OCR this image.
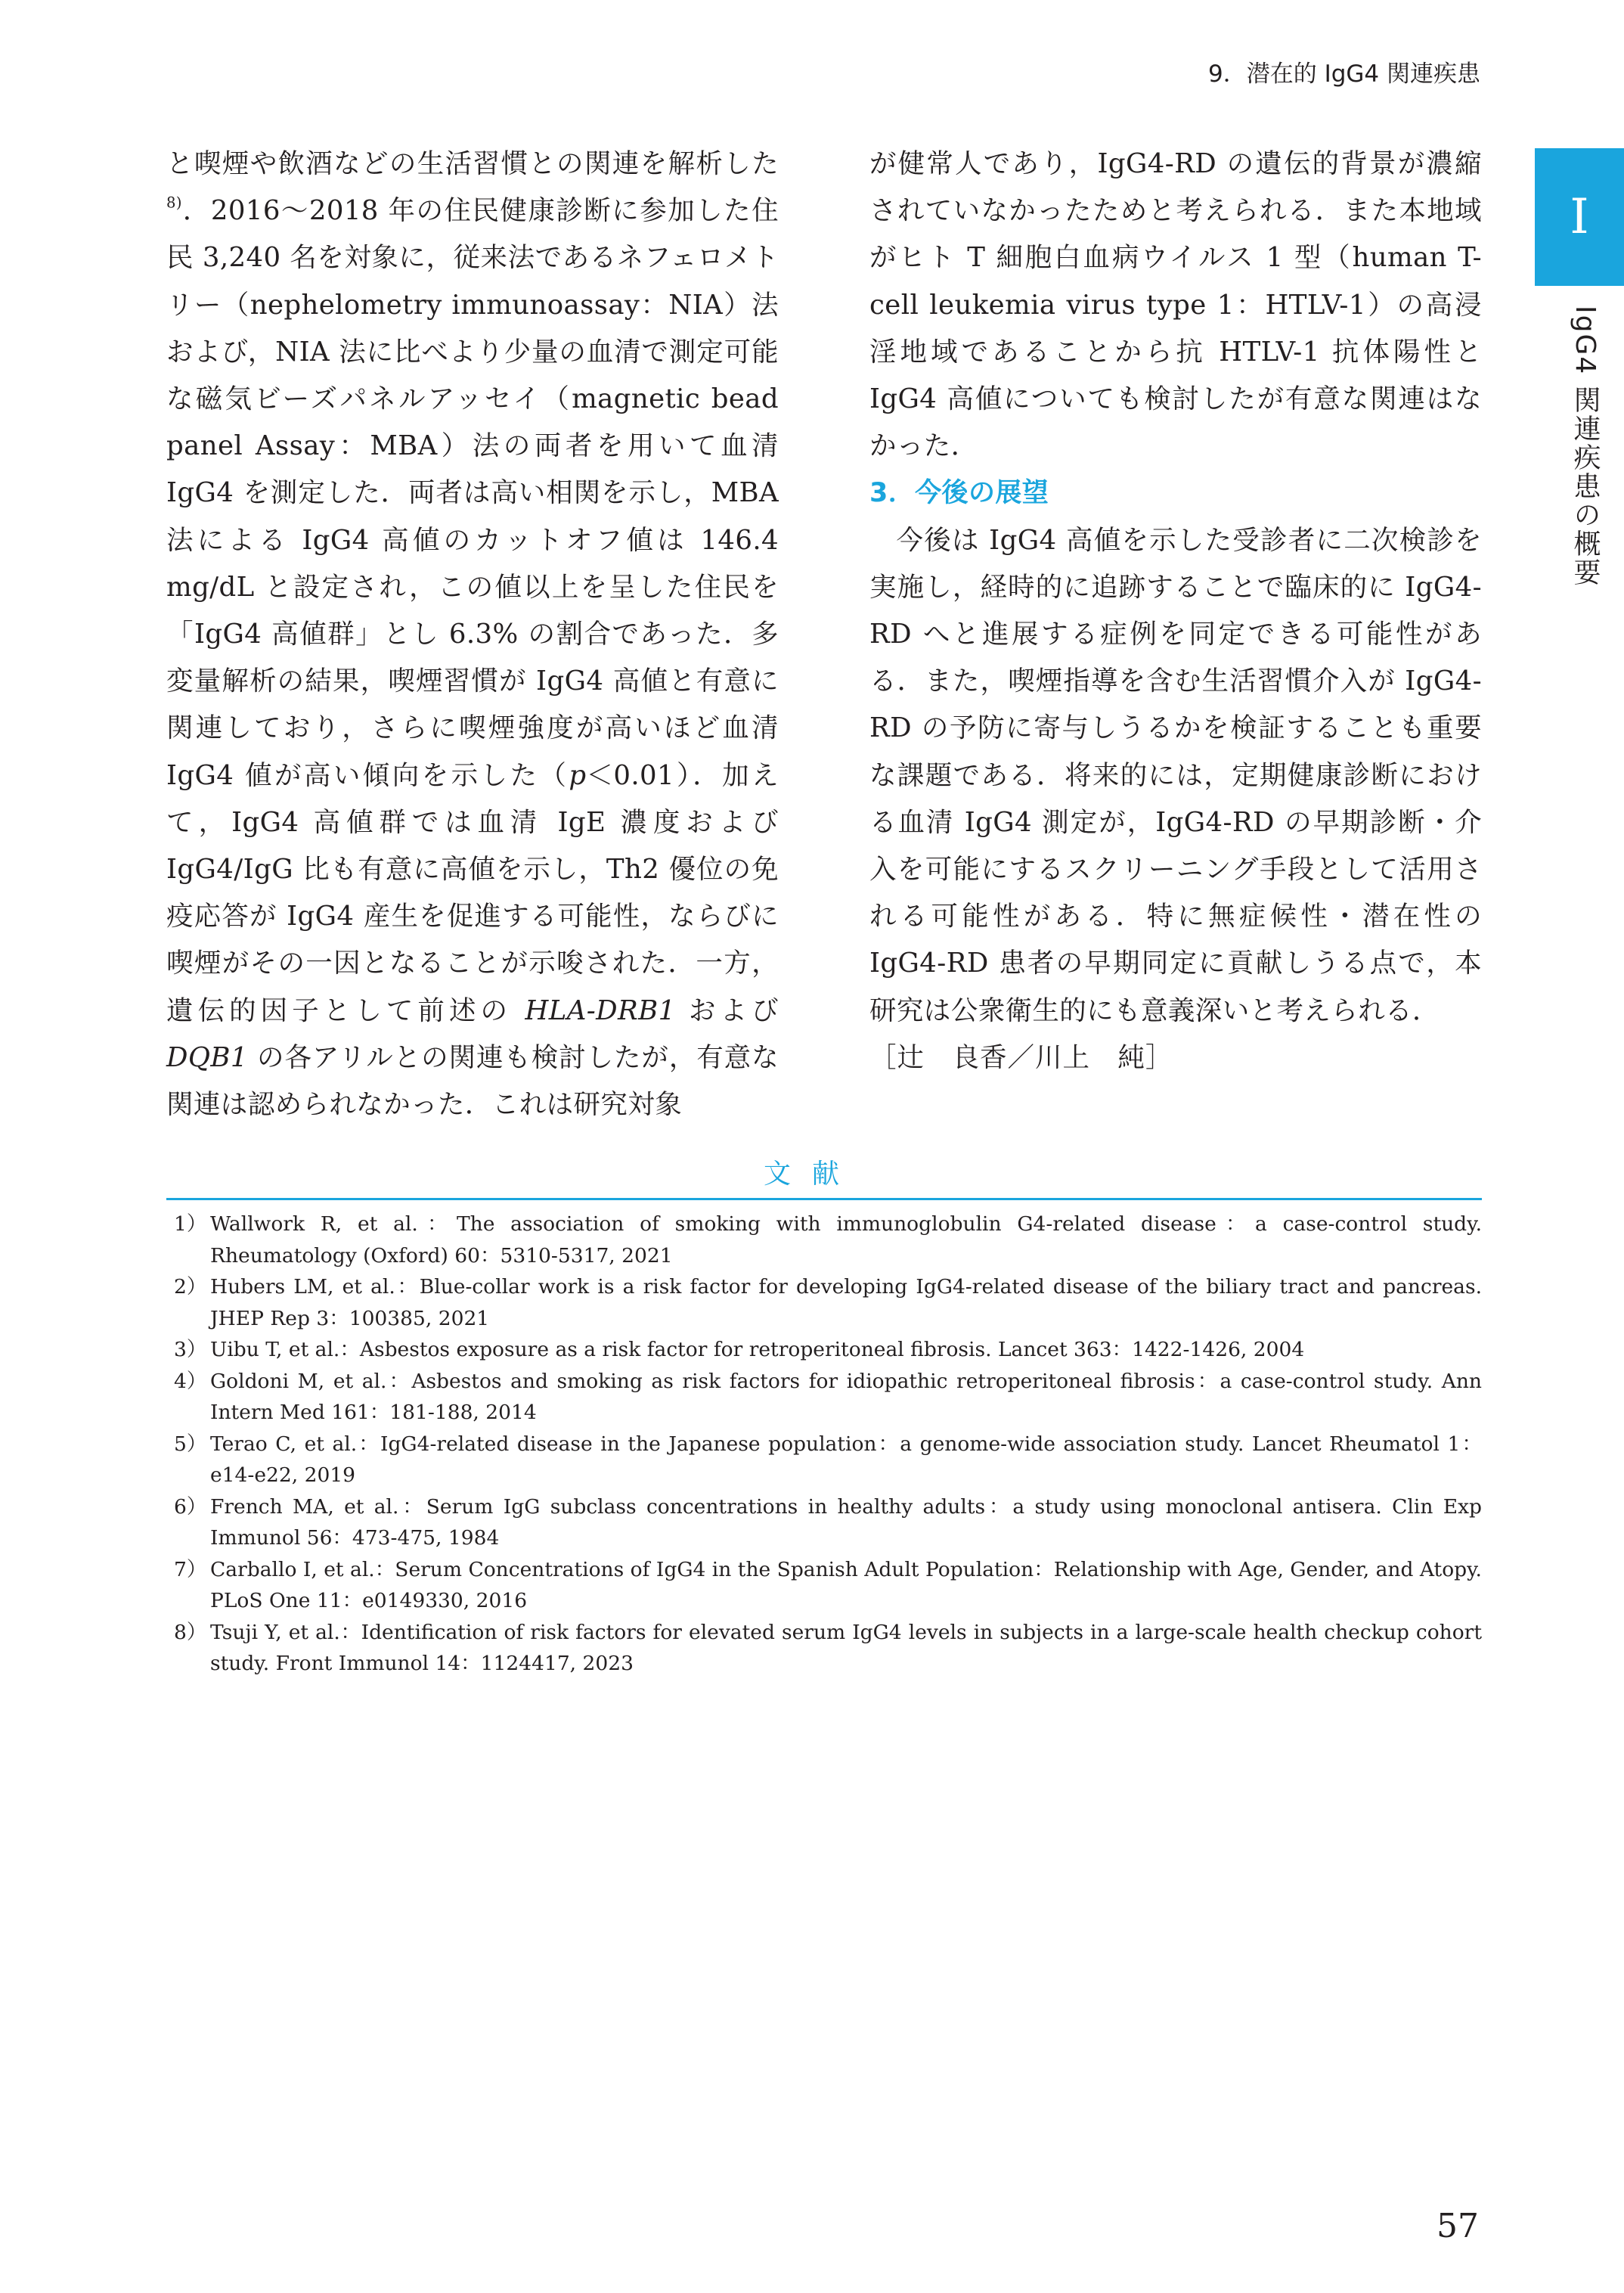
9．潜在的 IgG4 関連疾患
I
IgG4 関連疾患の概要

と喫煙や飲酒などの生活習慣との関連を解析した$^{8)}$．2016～2018 年の住民健康診断に参加した住民 3,240 名を対象に，従来法であるネフェロメトリー（nephelometry immunoassay：NIA）法および，NIA 法に比べより少量の血清で測定可能な磁気ビーズパネルアッセイ（magnetic bead panel Assay：MBA）法の両者を用いて血清 IgG4 を測定した．両者は高い相関を示し，MBA 法による IgG4 高値のカットオフ値は 146.4 mg/dL と設定され，この値以上を呈した住民を「IgG4 高値群」とし 6.3% の割合であった．多変量解析の結果，喫煙習慣が IgG4 高値と有意に関連しており，さらに喫煙強度が高いほど血清 IgG4 値が高い傾向を示した（p＜0.01）．加えて，IgG4 高値群では血清 IgE 濃度および IgG4/IgG 比も有意に高値を示し，Th2 優位の免疫応答が IgG4 産生を促進する可能性，ならびに喫煙がその一因となることが示唆された．一方，遺伝的因子として前述の HLA-DRB1 および DQB1 の各アリルとの関連も検討したが，有意な関連は認められなかった．これは研究対象

が健常人であり，IgG4-RD の遺伝的背景が濃縮されていなかったためと考えられる．また本地域がヒト T 細胞白血病ウイルス 1 型（human T-cell leukemia virus type 1：HTLV-1）の高浸淫地域であることから抗 HTLV-1 抗体陽性と IgG4 高値についても検討したが有意な関連はなかった．

3．今後の展望

今後は IgG4 高値を示した受診者に二次検診を実施し，経時的に追跡することで臨床的に IgG4-RD へと進展する症例を同定できる可能性がある．また，喫煙指導を含む生活習慣介入が IgG4-RD の予防に寄与しうるかを検証することも重要な課題である．将来的には，定期健康診断における血清 IgG4 測定が，IgG4-RD の早期診断・介入を可能にするスクリーニング手段として活用される可能性がある．特に無症候性・潜在性の IgG4-RD 患者の早期同定に貢献しうる点で，本研究は公衆衛生的にも意義深いと考えられる．

［辻　良香／川上　純］

文献
1） Wallwork R, et al.：The association of smoking with immunoglobulin G4-related disease：a case-control study. Rheumatology (Oxford) 60：5310-5317, 2021
2） Hubers LM, et al.：Blue-collar work is a risk factor for developing IgG4-related disease of the biliary tract and pancreas. JHEP Rep 3：100385, 2021
3） Uibu T, et al.：Asbestos exposure as a risk factor for retroperitoneal fibrosis. Lancet 363：1422-1426, 2004
4） Goldoni M, et al.：Asbestos and smoking as risk factors for idiopathic retroperitoneal fibrosis：a case-control study. Ann Intern Med 161：181-188, 2014
5） Terao C, et al.：IgG4-related disease in the Japanese population：a genome-wide association study. Lancet Rheumatol 1：e14-e22, 2019
6） French MA, et al.：Serum IgG subclass concentrations in healthy adults：a study using monoclonal antisera. Clin Exp Immunol 56：473-475, 1984
7） Carballo I, et al.：Serum Concentrations of IgG4 in the Spanish Adult Population：Relationship with Age, Gender, and Atopy. PLoS One 11：e0149330, 2016
8） Tsuji Y, et al.：Identification of risk factors for elevated serum IgG4 levels in subjects in a large-scale health checkup cohort study. Front Immunol 14：1124417, 2023
57
